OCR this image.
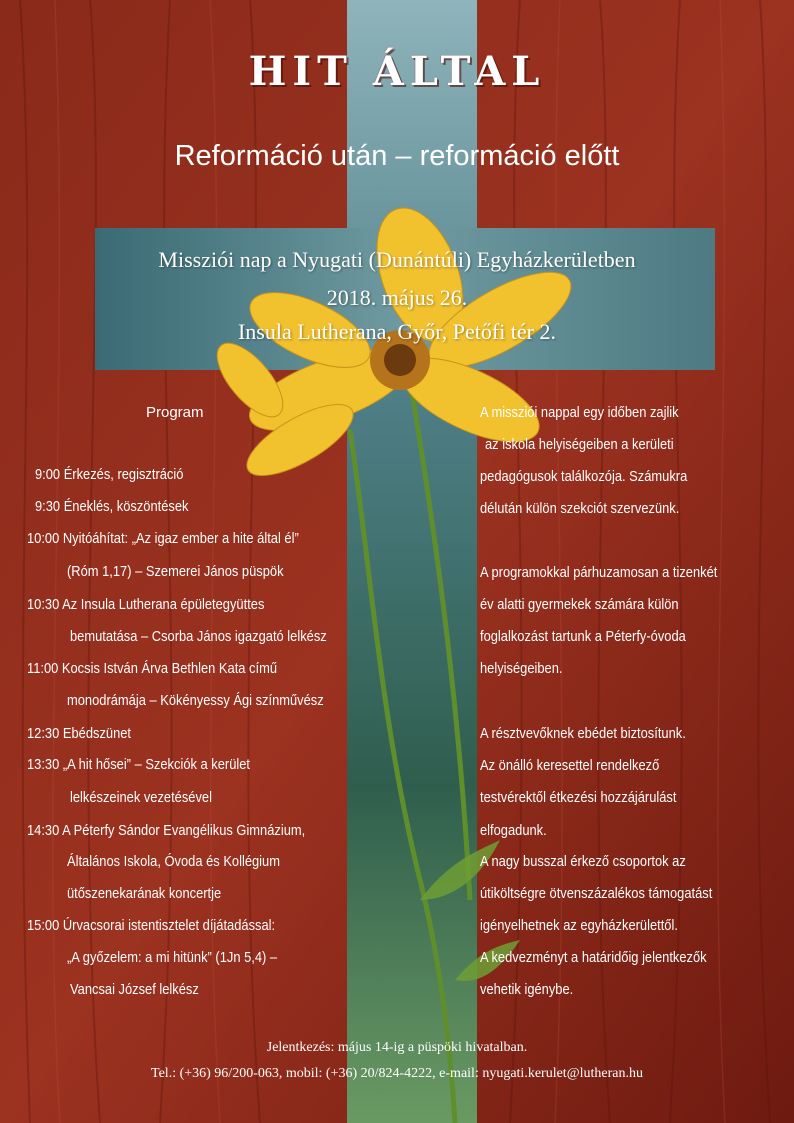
HIT ÁLTAL
Reformáció után – reformáció előtt
Missziói nap a Nyugati (Dunántúli) Egyházkerületben
2018. május 26.
Insula Lutherana, Győr, Petőfi tér 2.
Program
9:00 Érkezés, regisztráció
9:30 Éneklés, köszöntések
10:00 Nyitóáhítat: „Az igaz ember a hite által él”
(Róm 1,17) – Szemerei János püspök
10:30 Az Insula Lutherana épületegyüttes
bemutatása – Csorba János igazgató lelkész
11:00 Kocsis István Árva Bethlen Kata című
monodrámája – Kökényessy Ági színművész
12:30 Ebédszünet
13:30 „A hit hősei” – Szekciók a kerület
lelkészeinek vezetésével
14:30 A Péterfy Sándor Evangélikus Gimnázium,
Általános Iskola, Óvoda és Kollégium
ütőszenekarának koncertje
15:00 Úrvacsorai istentisztelet díjátadással:
„A győzelem: a mi hitünk” (1Jn 5,4) –
Vancsai József lelkész
A missziói nappal egy időben zajlik
az iskola helyiségeiben a kerületi
pedagógusok találkozója. Számukra
délután külön szekciót szervezünk.
A programokkal párhuzamosan a tizenkét
év alatti gyermekek számára külön
foglalkozást tartunk a Péterfy-óvoda
helyiségeiben.
A résztvevőknek ebédet biztosítunk.
Az önálló keresettel rendelkező
testvérektől étkezési hozzájárulást
elfogadunk.
A nagy busszal érkező csoportok az
útiköltségre ötvenszázalékos támogatást
igényelhetnek az egyházkerülettől.
A kedvezményt a határidőig jelentkezők
vehetik igénybe.
Jelentkezés: május 14-ig a püspöki hivatalban.
Tel.: (+36) 96/200-063, mobil: (+36) 20/824-4222, e-mail: nyugati.kerulet@lutheran.hu
